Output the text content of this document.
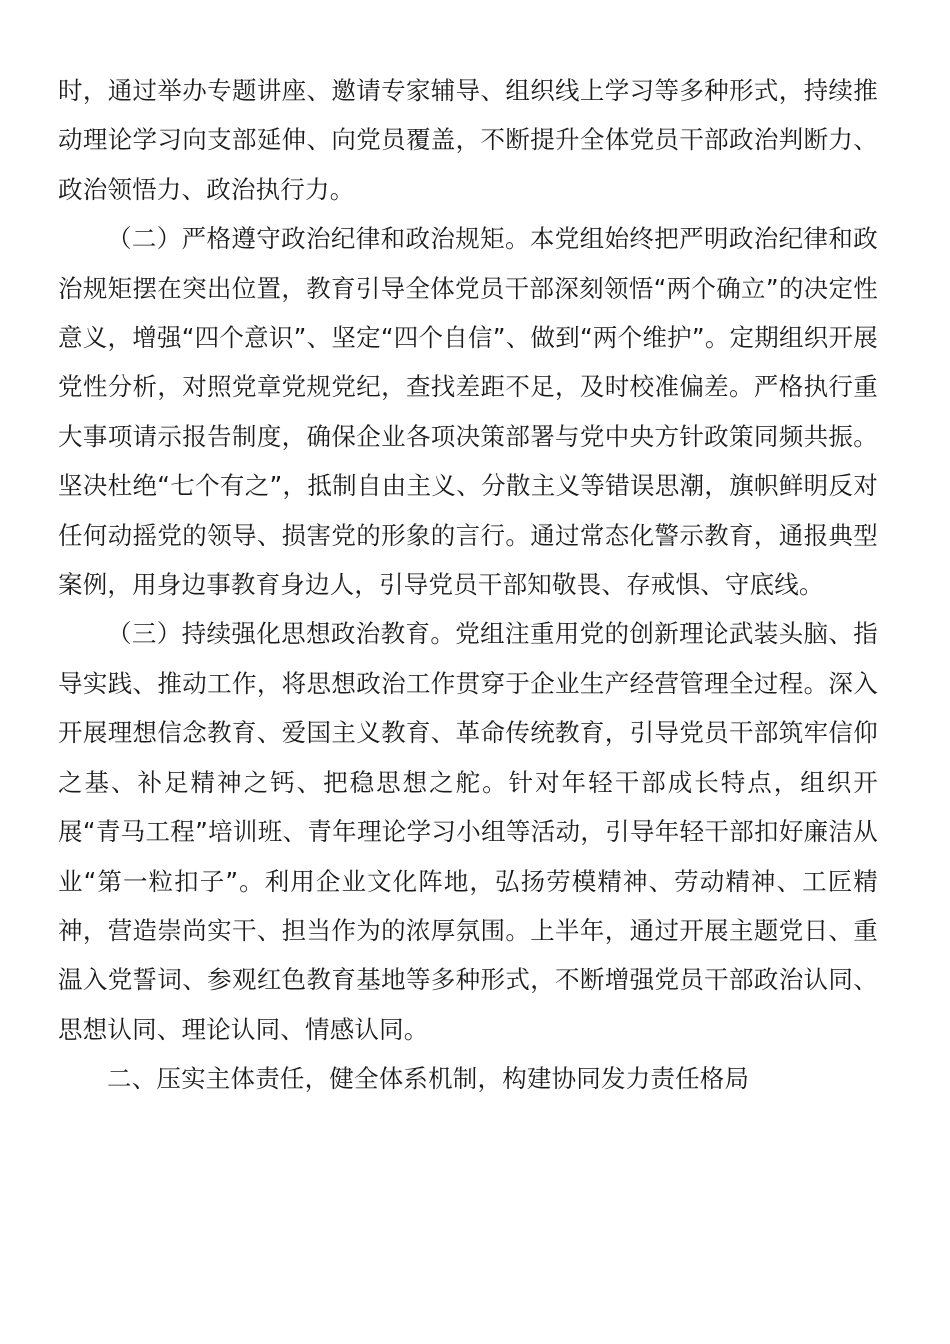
时，通过举办专题讲座、邀请专家辅导、组织线上学习等多种形式，持续推动理论学习向支部延伸、向党员覆盖，不断提升全体党员干部政治判断力、政治领悟力、政治执行力。

（二）严格遵守政治纪律和政治规矩。本党组始终把严明政治纪律和政治规矩摆在突出位置，教育引导全体党员干部深刻领悟“两个确立”的决定性意义，增强“四个意识”、坚定“四个自信”、做到“两个维护”。定期组织开展党性分析，对照党章党规党纪，查找差距不足，及时校准偏差。严格执行重大事项请示报告制度，确保企业各项决策部署与党中央方针政策同频共振。坚决杜绝“七个有之”，抵制自由主义、分散主义等错误思潮，旗帜鲜明反对任何动摇党的领导、损害党的形象的言行。通过常态化警示教育，通报典型案例，用身边事教育身边人，引导党员干部知敬畏、存戒惧、守底线。

（三）持续强化思想政治教育。党组注重用党的创新理论武装头脑、指导实践、推动工作，将思想政治工作贯穿于企业生产经营管理全过程。深入开展理想信念教育、爱国主义教育、革命传统教育，引导党员干部筑牢信仰之基、补足精神之钙、把稳思想之舵。针对年轻干部成长特点，组织开展“青马工程”培训班、青年理论学习小组等活动，引导年轻干部扣好廉洁从业“第一粒扣子”。利用企业文化阵地，弘扬劳模精神、劳动精神、工匠精神，营造崇尚实干、担当作为的浓厚氛围。上半年，通过开展主题党日、重温入党誓词、参观红色教育基地等多种形式，不断增强党员干部政治认同、思想认同、理论认同、情感认同。

二、压实主体责任，健全体系机制，构建协同发力责任格局
